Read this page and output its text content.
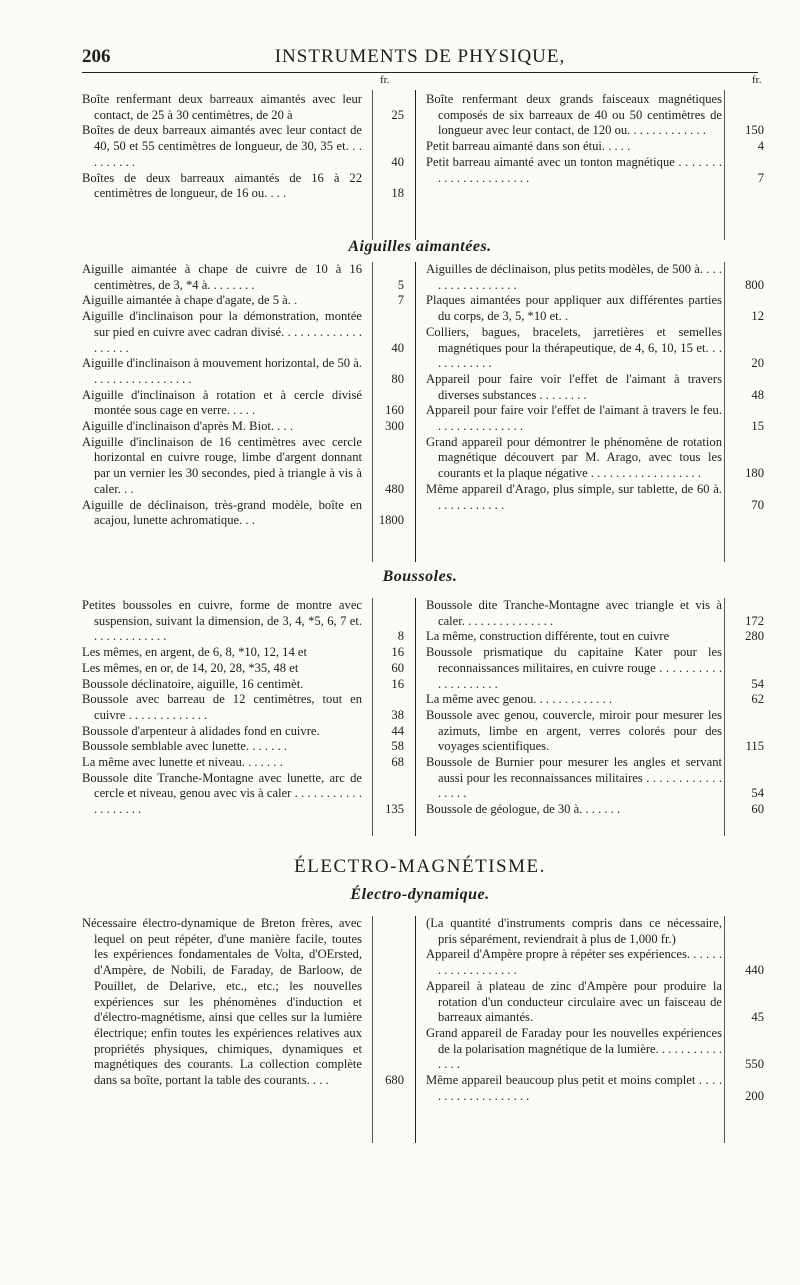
206	INSTRUMENTS DE PHYSIQUE,
fr.	fr.
Boîte renfermant deux barreaux aimantés avec leur contact, de 25 à 30 centimètres, de 20 à	25
Boîtes de deux barreaux aimantés avec leur contact de 40, 50 et 55 centimètres de longueur, de 30, 35 et. . . . . . . . . .	40
Boîtes de deux barreaux aimantés de 16 à 22 centimètres de longueur, de 16 ou. . . .	18
Boîte renfermant deux grands faisceaux magnétiques composés de six barreaux de 40 ou 50 centimètres de longueur avec leur contact, de 120 ou. . . . . . . . . . . . .	150
Petit barreau aimanté dans son étui. . . . .	4
Petit barreau aimanté avec un tonton magnétique . . . . . . . . . . . . . . . . . . . . . .	7
Aiguilles aimantées.
Aiguille aimantée à chape de cuivre de 10 à 16 centimètres, de 3, *4 à. . . . . . . .	5
Aiguille aimantée à chape d'agate, de 5 à. .	7
Aiguille d'inclinaison pour la démonstration, montée sur pied en cuivre avec cadran divisé. . . . . . . . . . . . . . . . . . .	40
Aiguille d'inclinaison à mouvement horizontal, de 50 à. . . . . . . . . . . . . . . . .	80
Aiguille d'inclinaison à rotation et à cercle divisé montée sous cage en verre. . . . .	160
Aiguille d'inclinaison d'après M. Biot. . . .	300
Aiguille d'inclinaison de 16 centimètres avec cercle horizontal en cuivre rouge, limbe d'argent donnant par un vernier les 30 secondes, pied à triangle à vis à caler. . .	480
Aiguille de déclinaison, très-grand modèle, boîte en acajou, lunette achromatique. . .	1800
Aiguilles de déclinaison, plus petits modèles, de 500 à. . . . . . . . . . . . . . . . .	800
Plaques aimantées pour appliquer aux différentes parties du corps, de 3, 5, *10 et. .	12
Colliers, bagues, bracelets, jarretières et semelles magnétiques pour la thérapeutique, de 4, 6, 10, 15 et. . . . . . . . . . . .	20
Appareil pour faire voir l'effet de l'aimant à travers diverses substances . . . . . . . .	48
Appareil pour faire voir l'effet de l'aimant à travers le feu. . . . . . . . . . . . . . .	15
Grand appareil pour démontrer le phénomène de rotation magnétique découvert par M. Arago, avec tous les courants et la plaque négative . . . . . . . . . . . . . . . . . .	180
Même appareil d'Arago, plus simple, sur tablette, de 60 à. . . . . . . . . . . .	70
Boussoles.
Petites boussoles en cuivre, forme de montre avec suspension, suivant la dimension, de 3, 4, *5, 6, 7 et. . . . . . . . . . . . .	8
Les mêmes, en argent, de 6, 8, *10, 12, 14 et	16
Les mêmes, en or, de 14, 20, 28, *35, 48 et	60
Boussole déclinatoire, aiguille, 16 centimèt.	16
Boussole avec barreau de 12 centimètres, tout en cuivre . . . . . . . . . . . . .	38
Boussole d'arpenteur à alidades fond en cuivre.	44
Boussole semblable avec lunette. . . . . . .	58
La même avec lunette et niveau. . . . . . .	68
Boussole dite Tranche-Montagne avec lunette, arc de cercle et niveau, genou avec vis à caler . . . . . . . . . . . . . . . . . . .	135
Boussole dite Tranche-Montagne avec triangle et vis à caler. . . . . . . . . . . . . . .	172
La même, construction différente, tout en cuivre	280
Boussole prismatique du capitaine Kater pour les reconnaissances militaires, en cuivre rouge . . . . . . . . . . . . . . . . . . . .	54
La même avec genou. . . . . . . . . . . . .	62
Boussole avec genou, couvercle, miroir pour mesurer les azimuts, limbe en argent, verres colorés pour des voyages scientifiques.	115
Boussole de Burnier pour mesurer les angles et servant aussi pour les reconnaissances militaires . . . . . . . . . . . . . . . . .	54
Boussole de géologue, de 30 à. . . . . . .	60
ÉLECTRO-MAGNÉTISME.
Électro-dynamique.
Nécessaire électro-dynamique de Breton frères, avec lequel on peut répéter, d'une manière facile, toutes les expériences fondamentales de Volta, d'OErsted, d'Ampère, de Nobili, de Faraday, de Barloow, de Pouillet, de Delarive, etc., etc.; les nouvelles expériences sur les phénomènes d'induction et d'électro-magnétisme, ainsi que celles sur la lumière électrique; enfin toutes les expériences relatives aux propriétés physiques, chimiques, dynamiques et magnétiques des courants. La collection complète dans sa boîte, portant la table des courants. . . .	680
(La quantité d'instruments compris dans ce nécessaire, pris séparément, reviendrait à plus de 1,000 fr.)
Appareil d'Ampère propre à répéter ses expériences. . . . . . . . . . . . . . . . . . .	440
Appareil à plateau de zinc d'Ampère pour produire la rotation d'un conducteur circulaire avec un faisceau de barreaux aimantés.	45
Grand appareil de Faraday pour les nouvelles expériences de la polarisation magnétique de la lumière. . . . . . . . . . . . . . .	550
Même appareil beaucoup plus petit et moins complet . . . . . . . . . . . . . . . . . . .	200
